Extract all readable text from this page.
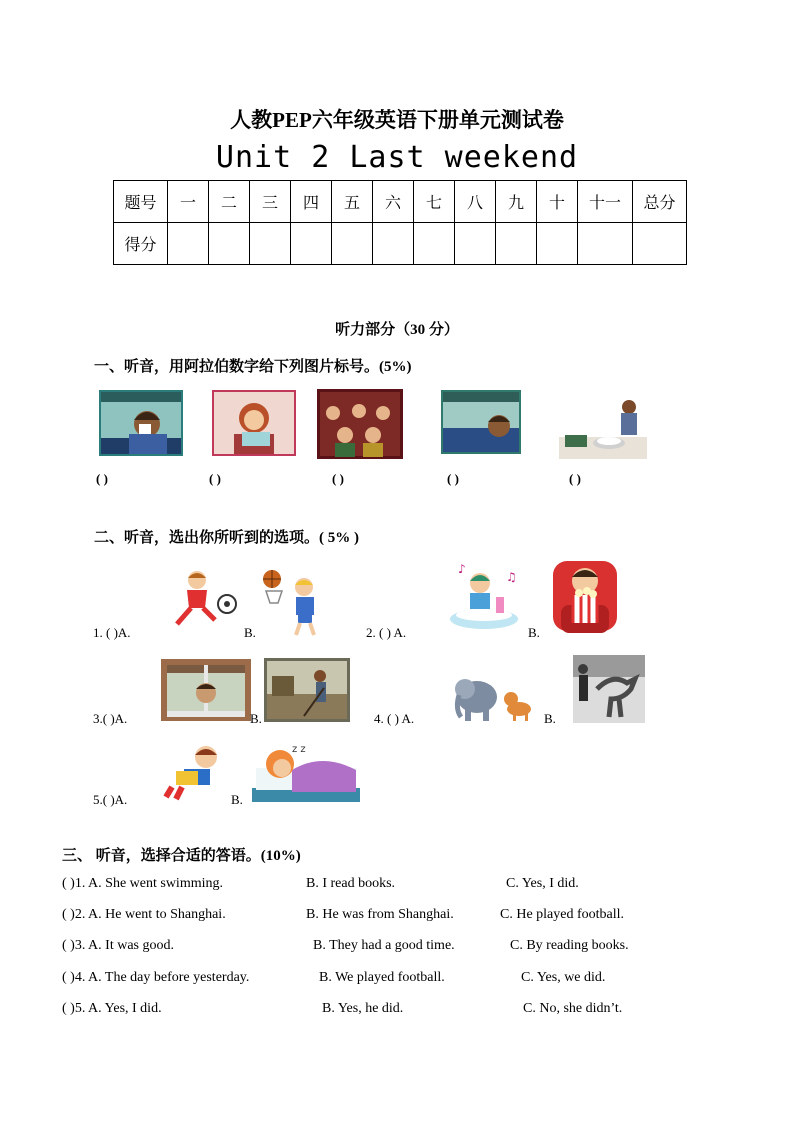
人教PEP六年级英语下册单元测试卷
Unit 2 Last weekend
题号	一	二	三	四	五	六	七	八	九	十	十一	总分
得分												
听力部分（30 分）
一、听音，用阿拉伯数字给下列图片标号。(5%)
( )	( )	( )	( )	( )
二、听音，选出你所听到的选项。( 5% )
1. ( )A.	B.	2. ( ) A.
♪
♫
B.
3.( )A.	B.	4. ( ) A.	B.
5.( )A.	B.
z z
三、 听音，选择合适的答语。(10%)
( )1. A. She went swimming.	B. I read books.	C. Yes, I did.
( )2. A. He went to Shanghai.	B. He was from Shanghai.	C. He played football.
( )3. A. It was good.	B. They had a good time.	C. By reading books.
( )4. A. The day before yesterday.	B. We played football.	C. Yes, we did.
( )5. A. Yes, I did.	B. Yes, he did.	C. No, she didn’t.
